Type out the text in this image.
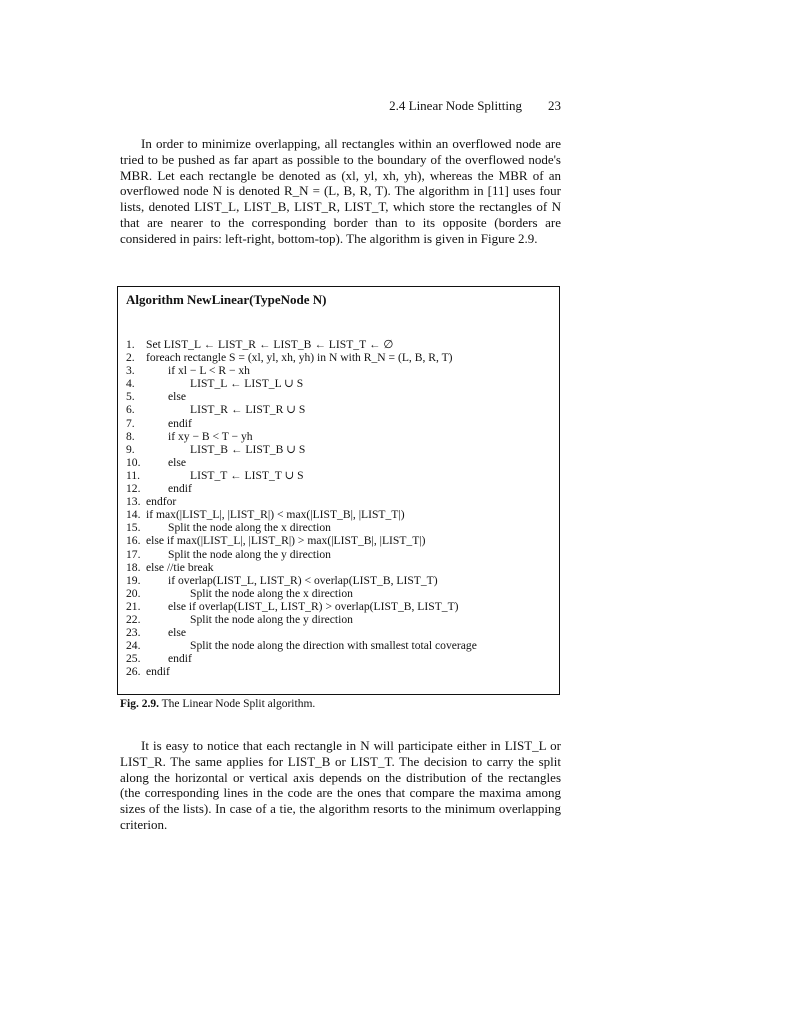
2.4 Linear Node Splitting 23

In order to minimize overlapping, all rectangles within an overflowed node are tried to be pushed as far apart as possible to the boundary of the overflowed node's MBR. Let each rectangle be denoted as (xl, yl, xh, yh), whereas the MBR of an overflowed node N is denoted R_N = (L, B, R, T). The algorithm in [11] uses four lists, denoted LIST_L, LIST_B, LIST_R, LIST_T, which store the rectangles of N that are nearer to the corresponding border than to its opposite (borders are considered in pairs: left-right, bottom-top). The algorithm is given in Figure 2.9.

Algorithm NewLinear(TypeNode N)
1. Set LIST_L ← LIST_R ← LIST_B ← LIST_T ← ∅
2. foreach rectangle S = (xl, yl, xh, yh) in N with R_N = (L, B, R, T)
3.	if xl − L < R − xh
4.	LIST_L ← LIST_L ∪ S
5.	else
6.	LIST_R ← LIST_R ∪ S
7.	endif
8.	if xy − B < T − yh
9.	LIST_B ← LIST_B ∪ S
10. else
11.	LIST_T ← LIST_T ∪ S
12. endif
13. endfor
14. if max(|LIST_L|, |LIST_R|) < max(|LIST_B|, |LIST_T|)
15. Split the node along the x direction
16. else if max(|LIST_L|, |LIST_R|) > max(|LIST_B|, |LIST_T|)
17. Split the node along the y direction
18. else //tie break
19. if overlap(LIST_L, LIST_R) < overlap(LIST_B, LIST_T)
20.	Split the node along the x direction
21. else if overlap(LIST_L, LIST_R) > overlap(LIST_B, LIST_T)
22.	Split the node along the y direction
23. else
24.	Split the node along the direction with smallest total coverage
25. endif
26. endif
Fig. 2.9. The Linear Node Split algorithm.

It is easy to notice that each rectangle in N will participate either in LIST_L or LIST_R. The same applies for LIST_B or LIST_T. The decision to carry the split along the horizontal or vertical axis depends on the distribution of the rectangles (the corresponding lines in the code are the ones that compare the maxima among sizes of the lists). In case of a tie, the algorithm resorts to the minimum overlapping criterion.
